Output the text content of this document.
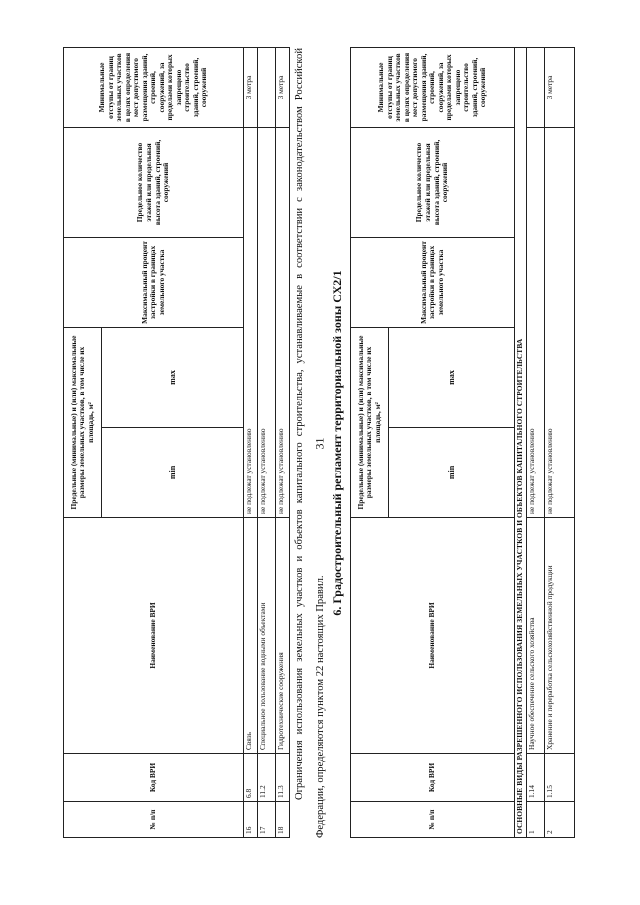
31
№ п/п	Код ВРИ	Наименование ВРИ	Предельные (минимальные) и (или) максимальные размеры земельных участков, в том числе их площадь, м²		Максимальный процент застройки в границах земельного участка	Предельное количество этажей или предельная высота зданий, строений, сооружений	Минимальные отступы от границ земельных участков в целях определения мест допустимого размещения зданий, строений, сооружений, за пределами которых запрещено строительство зданий, строений, сооружений
			min	max			
16	6.8	Связь	не подлежат установлению				3 метра
17	11.2	Специальное пользование водными объектами	не подлежат установлению				
18	11.3	Гидротехнические сооружения	не подлежат установлению				3 метра Ограничения использования земельных участков и объектов капитального строительства, устанавливаемые в соответствии с законодательством Российской Федерации, определяются пунктом 22 настоящих Правил.
6. Градостроительный регламент территориальной зоны СХ2/1
№ п/п	Код ВРИ	Наименование ВРИ	Предельные (минимальные) и (или) максимальные размеры земельных участков, в том числе их площадь, м²		Максимальный процент застройки в границах земельного участка	Предельное количество этажей или предельная высота зданий, строений, сооружений	Минимальные отступы от границ земельных участков в целях определения мест допустимого размещения зданий, строений, сооружений, за пределами которых запрещено строительство зданий, строений, сооружений
			min	max			
ОСНОВНЫЕ ВИДЫ РАЗРЕШЕННОГО ИСПОЛЬЗОВАНИЯ ЗЕМЕЛЬНЫХ УЧАСТКОВ И ОБЪЕКТОВ КАПИТАЛЬНОГО СТРОИТЕЛЬСТВА							
1	1.14	Научное обеспечение сельского хозяйства	не подлежат установлению				
2	1.15	Хранение и переработка сельскохозяйственной продукции	не подлежат установлению				3 метра
